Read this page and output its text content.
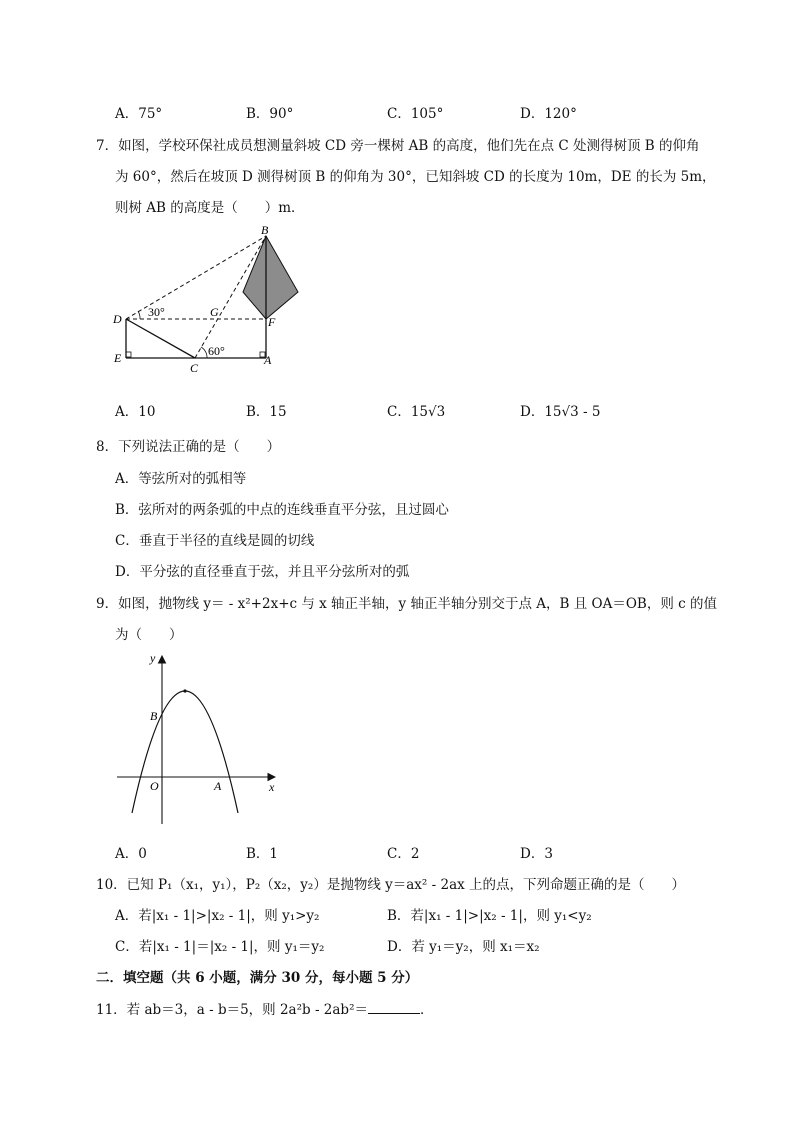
A．75°	B．90°	C．105°	D．120°
7．如图，学校环保社成员想测量斜坡 CD 旁一棵树 AB 的高度，他们先在点 C 处测得树顶 B 的仰角
为 60°，然后在坡顶 D 测得树顶 B 的仰角为 30°，已知斜坡 CD 的长度为 10m，DE 的长为 5m，
则树 AB 的高度是（　　）m．
B
D 30°	G
F
60°
E
C
A
A．10	B．15	C．15√3	D．15√3 - 5
8．下列说法正确的是（　　）
A．等弦所对的弧相等
B．弦所对的两条弧的中点的连线垂直平分弦，且过圆心
C．垂直于半径的直线是圆的切线
D．平分弦的直径垂直于弦，并且平分弦所对的弧
9．如图，抛物线 y＝ - x²+2x+c 与 x 轴正半轴，y 轴正半轴分别交于点 A，B 且 OA＝OB，则 c 的值
为（　　）
y
x
B
O	A
A．0	B．1	C．2	D．3
10．已知 P₁（x₁，y₁），P₂（x₂，y₂）是抛物线 y＝ax² - 2ax 上的点，下列命题正确的是（　　）
A．若|x₁ - 1|>|x₂ - 1|，则 y₁>y₂	B．若|x₁ - 1|>|x₂ - 1|，则 y₁<y₂
C．若|x₁ - 1|＝|x₂ - 1|，则 y₁＝y₂	D．若 y₁＝y₂，则 x₁＝x₂
二．填空题（共 6 小题，满分 30 分，每小题 5 分）
11．若 ab＝3，a - b＝5，则 2a²b - 2ab²＝	．
